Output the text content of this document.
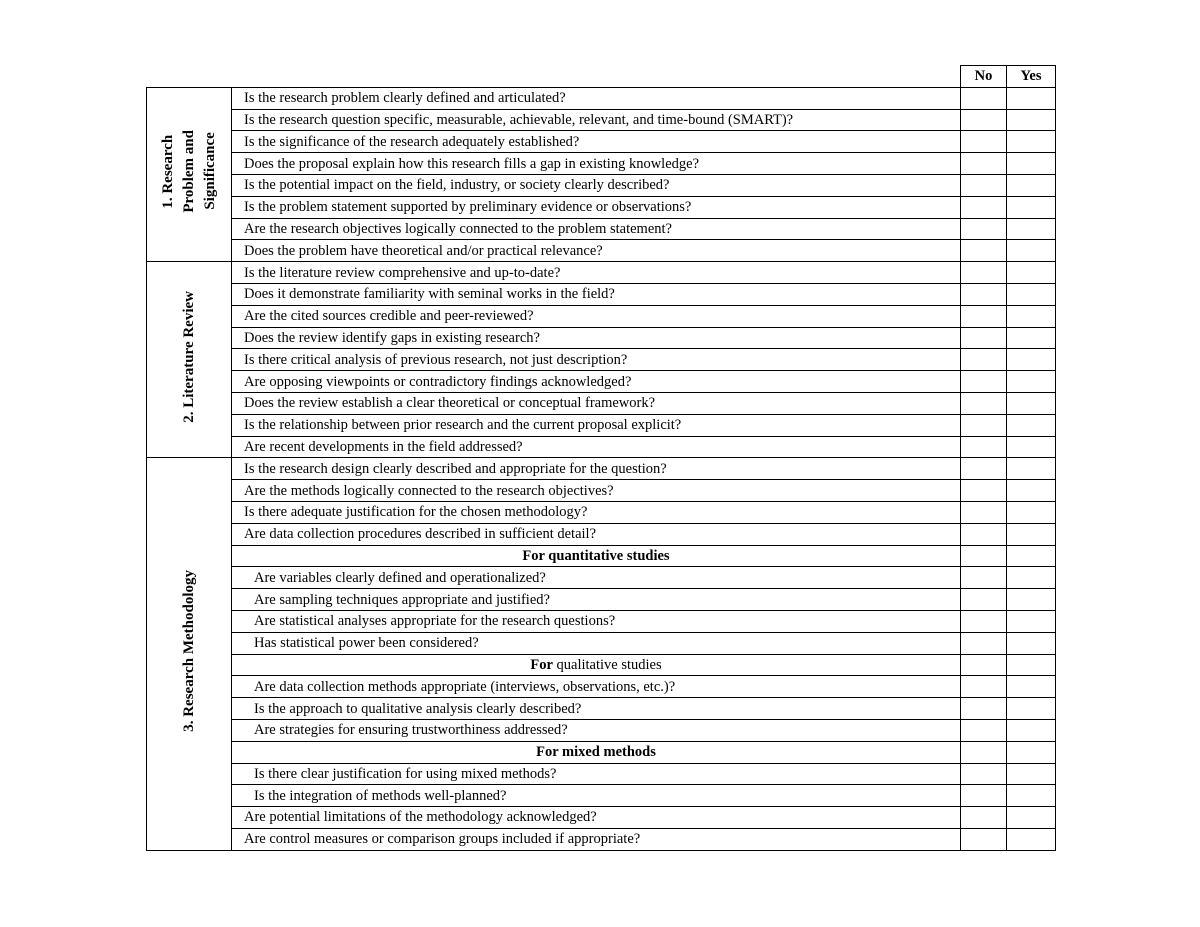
		No	Yes
1. Research
Problem and
Significance	Is the research problem clearly defined and articulated?		
	Is the research question specific, measurable, achievable, relevant, and time-bound (SMART)?		
	Is the significance of the research adequately established?		
	Does the proposal explain how this research fills a gap in existing knowledge?		
	Is the potential impact on the field, industry, or society clearly described?		
	Is the problem statement supported by preliminary evidence or observations?		
	Are the research objectives logically connected to the problem statement?		
	Does the problem have theoretical and/or practical relevance?		
2. Literature Review	Is the literature review comprehensive and up-to-date?		
	Does it demonstrate familiarity with seminal works in the field?		
	Are the cited sources credible and peer-reviewed?		
	Does the review identify gaps in existing research?		
	Is there critical analysis of previous research, not just description?		
	Are opposing viewpoints or contradictory findings acknowledged?		
	Does the review establish a clear theoretical or conceptual framework?		
	Is the relationship between prior research and the current proposal explicit?		
	Are recent developments in the field addressed?		
3. Research Methodology	Is the research design clearly described and appropriate for the question?		
	Are the methods logically connected to the research objectives?		
	Is there adequate justification for the chosen methodology?		
	Are data collection procedures described in sufficient detail?		
	For quantitative studies		
	Are variables clearly defined and operationalized?		
	Are sampling techniques appropriate and justified?		
	Are statistical analyses appropriate for the research questions?		
	Has statistical power been considered?		
	For qualitative studies		
	Are data collection methods appropriate (interviews, observations, etc.)?		
	Is the approach to qualitative analysis clearly described?		
	Are strategies for ensuring trustworthiness addressed?		
	For mixed methods		
	Is there clear justification for using mixed methods?		
	Is the integration of methods well-planned?		
	Are potential limitations of the methodology acknowledged?		
	Are control measures or comparison groups included if appropriate?		
